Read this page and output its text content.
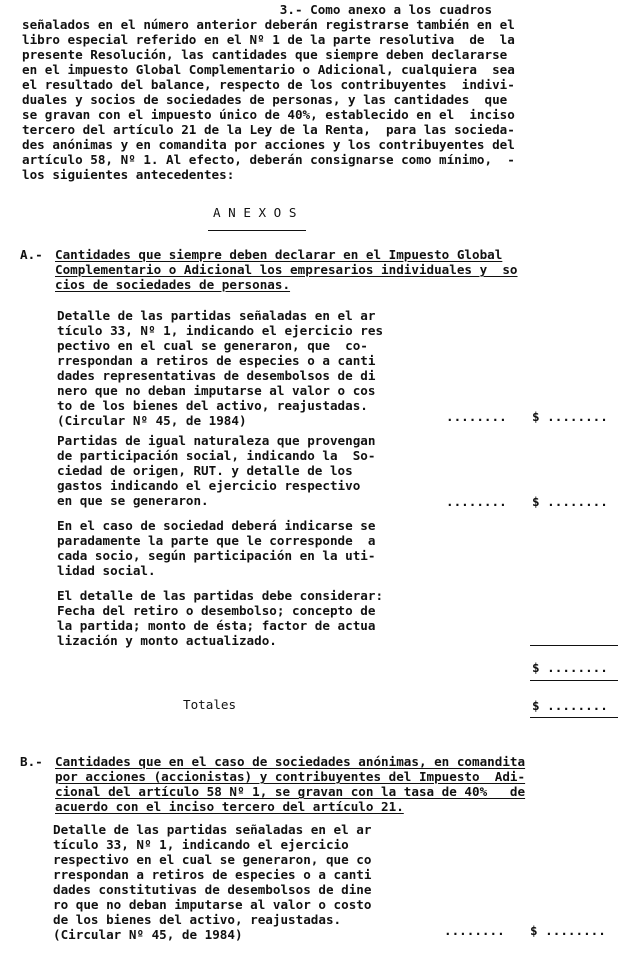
3.- Como anexo a los cuadros

señalados en el número anterior deberán registrarse también en el

libro especial referido en el Nº 1 de la parte resolutiva  de  la

presente Resolución, las cantidades que siempre deben declararse

en el impuesto Global Complementario o Adicional, cualquiera  sea

el resultado del balance, respecto de los contribuyentes  indivi-

duales y socios de sociedades de personas, y las cantidades  que

se gravan con el impuesto único de 40%, establecido en el  inciso

tercero del artículo 21 de la Ley de la Renta,  para las socieda-

des anónimas y en comandita por acciones y los contribuyentes del

artículo 58, Nº 1. Al efecto, deberán consignarse como mínimo,  -

los siguientes antecedentes:

A N E X O S

A.- Cantidades que siempre deben declarar en el Impuesto Global

Complementario o Adicional los empresarios individuales y  so

cios de sociedades de personas.

Detalle de las partidas señaladas en el ar

tículo 33, Nº 1, indicando el ejercicio res

pectivo en el cual se generaron, que  co-

rrespondan a retiros de especies o a canti

dades representativas de desembolsos de di

nero que no deban imputarse al valor o cos

to de los bienes del activo, reajustadas.

(Circular Nº 45, de 1984)	........ $ ........

Partidas de igual naturaleza que provengan

de participación social, indicando la  So-

ciedad de origen, RUT. y detalle de los

gastos indicando el ejercicio respectivo

en que se generaron.	........ $ ........

En el caso de sociedad deberá indicarse se

paradamente la parte que le corresponde  a

cada socio, según participación en la uti-

lidad social.

El detalle de las partidas debe considerar:

Fecha del retiro o desembolso; concepto de

la partida; monto de ésta; factor de actua

lización y monto actualizado.

$ ........

Totales	$ ........

B.- Cantidades que en el caso de sociedades anónimas, en comandita

por acciones (accionistas) y contribuyentes del Impuesto  Adi-

cional del artículo 58 Nº 1, se gravan con la tasa de 40%   de

acuerdo con el inciso tercero del artículo 21.

Detalle de las partidas señaladas en el ar

tículo 33, Nº 1, indicando el ejercicio

respectivo en el cual se generaron, que co

rrespondan a retiros de especies o a canti

dades constitutivas de desembolsos de dine

ro que no deban imputarse al valor o costo

de los bienes del activo, reajustadas.

(Circular Nº 45, de 1984)	........ $ ........
